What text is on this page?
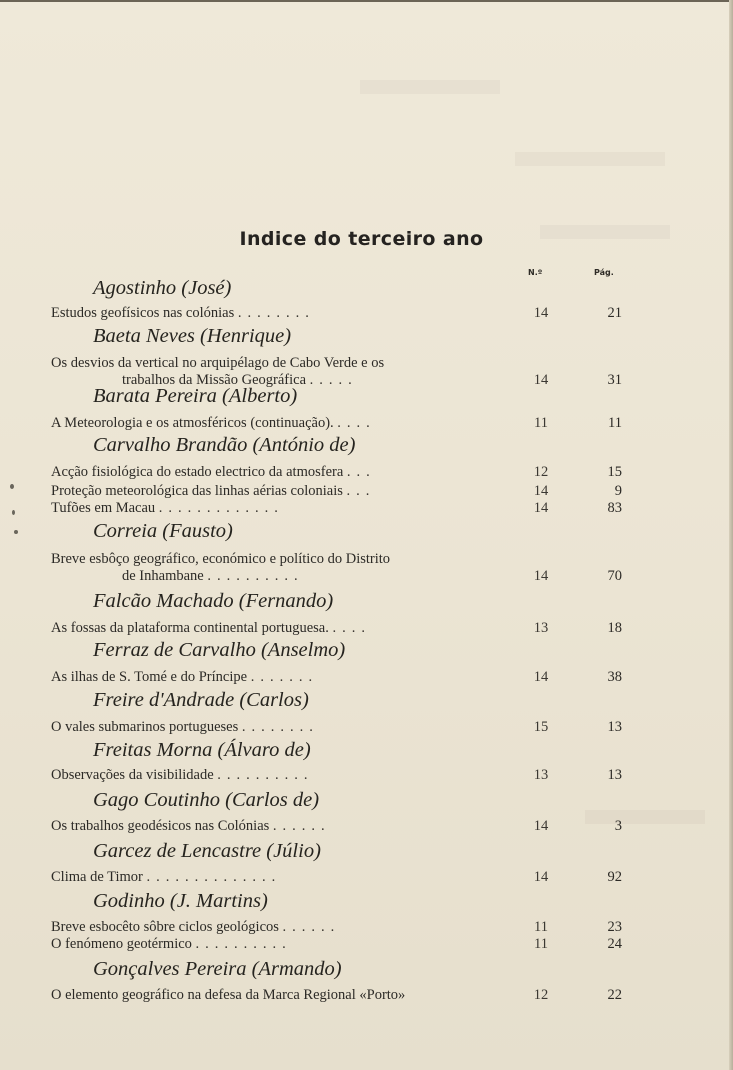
Indice do terceiro ano
N.º	Pág.
Agostinho (José)
Estudos geofísicos nas colónias ........	14	21
Baeta Neves (Henrique)
Os desvios da vertical no arquipélago de Cabo Verde e os
trabalhos da Missão Geográfica .....	14	31
Barata Pereira (Alberto)
A Meteorologia e os atmosféricos (continuação). ....	11	11
Carvalho Brandão (António de)
Acção fisiológica do estado electrico da atmosfera ...	12	15
Proteção meteorológica das linhas aérias coloniais ...	14	9
Tufões em Macau .............	14	83
Correia (Fausto)
Breve esbôço geográfico, económico e político do Distrito
de Inhambane ..........	14	70
Falcão Machado (Fernando)
As fossas da plataforma continental portuguesa. ....	13	18
Ferraz de Carvalho (Anselmo)
As ilhas de S. Tomé e do Príncipe .......	14	38
Freire d'Andrade (Carlos)
O vales submarinos portugueses ........	15	13
Freitas Morna (Álvaro de)
Observações da visibilidade ..........	13	13
Gago Coutinho (Carlos de)
Os trabalhos geodésicos nas Colónias ......	14	3
Garcez de Lencastre (Júlio)
Clima de Timor ..............	14	92
Godinho (J. Martins)
Breve esbocêto sôbre ciclos geológicos ......	11	23
O fenómeno geotérmico ..........	11	24
Gonçalves Pereira (Armando)
O elemento geográfico na defesa da Marca Regional «Porto»	12	22
